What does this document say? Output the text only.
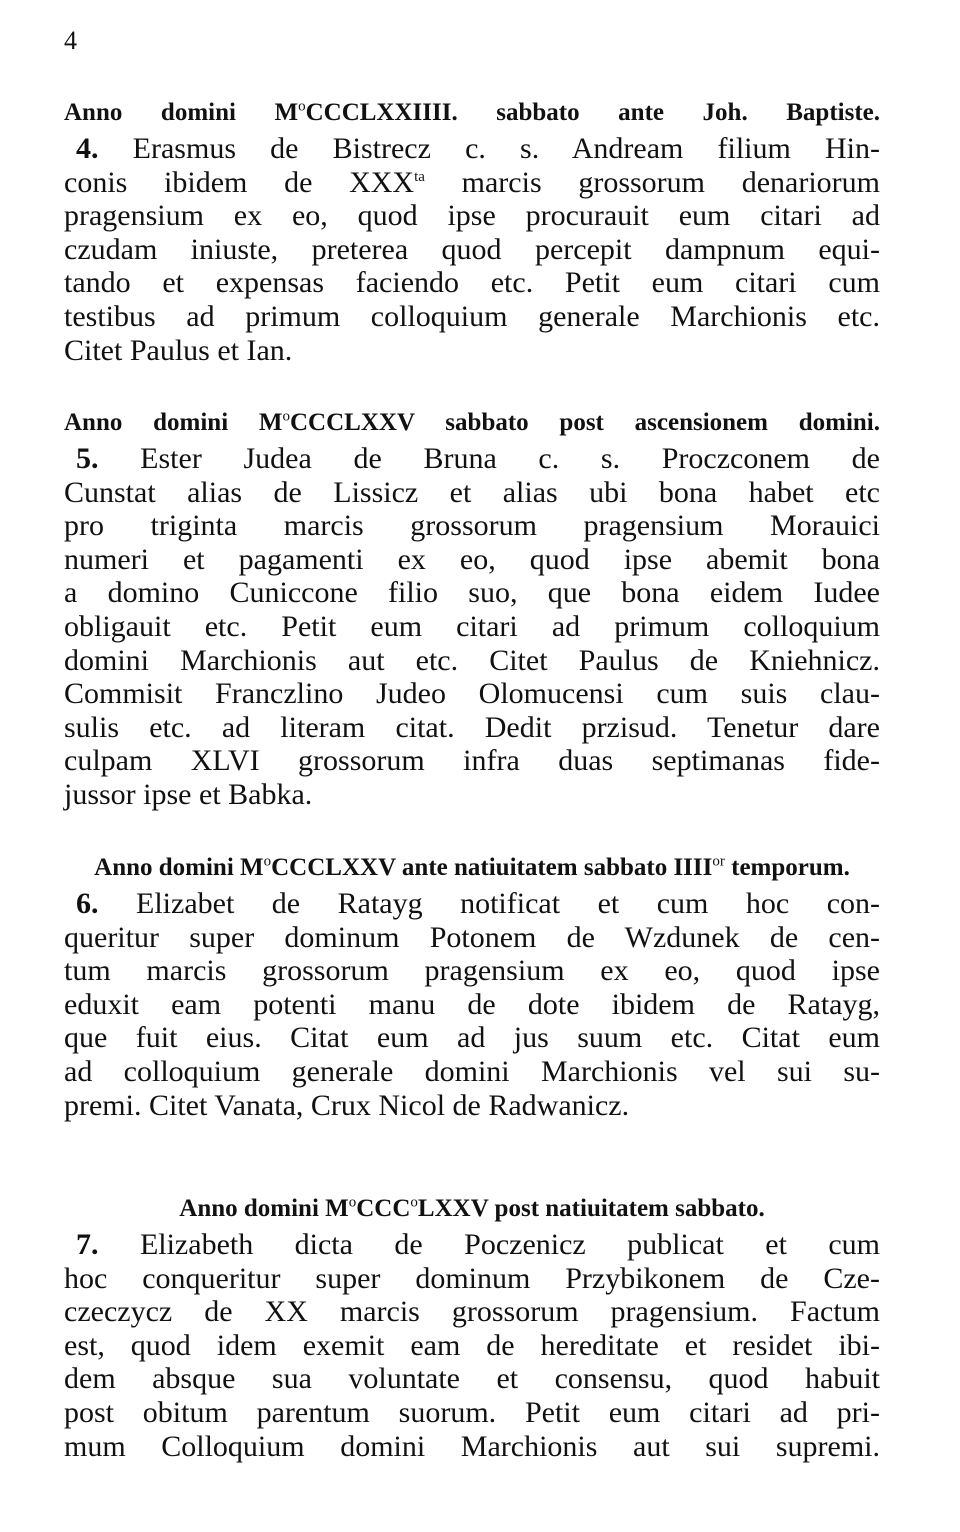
4
Anno domini $M^oCCCLXXIIII$. sabbato ante Joh. Baptiste.
4. Erasmus de Bistrecz c. s. Andream filium Hin-
conis ibidem de $XXX^{ta}$ marcis grossorum denariorum
pragensium ex eo, quod ipse procurauit eum citari ad
czudam iniuste, preterea quod percepit dampnum equi-
tando et expensas faciendo etc. Petit eum citari cum
testibus ad primum colloquium generale Marchionis etc.
Citet Paulus et Ian.
Anno domini $M^oCCCLXXV$ sabbato post ascensionem domini.
5. Ester Judea de Bruna c. s. Proczconem de
Cunstat alias de Lissicz et alias ubi bona habet etc
pro triginta marcis grossorum pragensium Morauici
numeri et pagamenti ex eo, quod ipse abemit bona
a domino Cuniccone filio suo, que bona eidem Iudee
obligauit etc. Petit eum citari ad primum colloquium
domini Marchionis aut etc. Citet Paulus de Kniehnicz.
Commisit Franczlino Judeo Olomucensi cum suis clau-
sulis etc. ad literam citat. Dedit przisud. Tenetur dare
culpam XLVI grossorum infra duas septimanas fide-
jussor ipse et Babka.
Anno domini $M^oCCCLXXV$ ante natiuitatem sabbato $IIII^{or}$ temporum.
6. Elizabet de Ratayg notificat et cum hoc con-
queritur super dominum Potonem de Wzdunek de cen-
tum marcis grossorum pragensium ex eo, quod ipse
eduxit eam potenti manu de dote ibidem de Ratayg,
que fuit eius. Citat eum ad jus suum etc. Citat eum
ad colloquium generale domini Marchionis vel sui su-
premi. Citet Vanata, Crux Nicol de Radwanicz.
Anno domini $M^oCCC^oLXXV$ post natiuitatem sabbato.
7. Elizabeth dicta de Poczenicz publicat et cum
hoc conqueritur super dominum Przybikonem de Cze-
czeczycz de XX marcis grossorum pragensium. Factum
est, quod idem exemit eam de hereditate et residet ibi-
dem absque sua voluntate et consensu, quod habuit
post obitum parentum suorum. Petit eum citari ad pri-
mum Colloquium domini Marchionis aut sui supremi.
